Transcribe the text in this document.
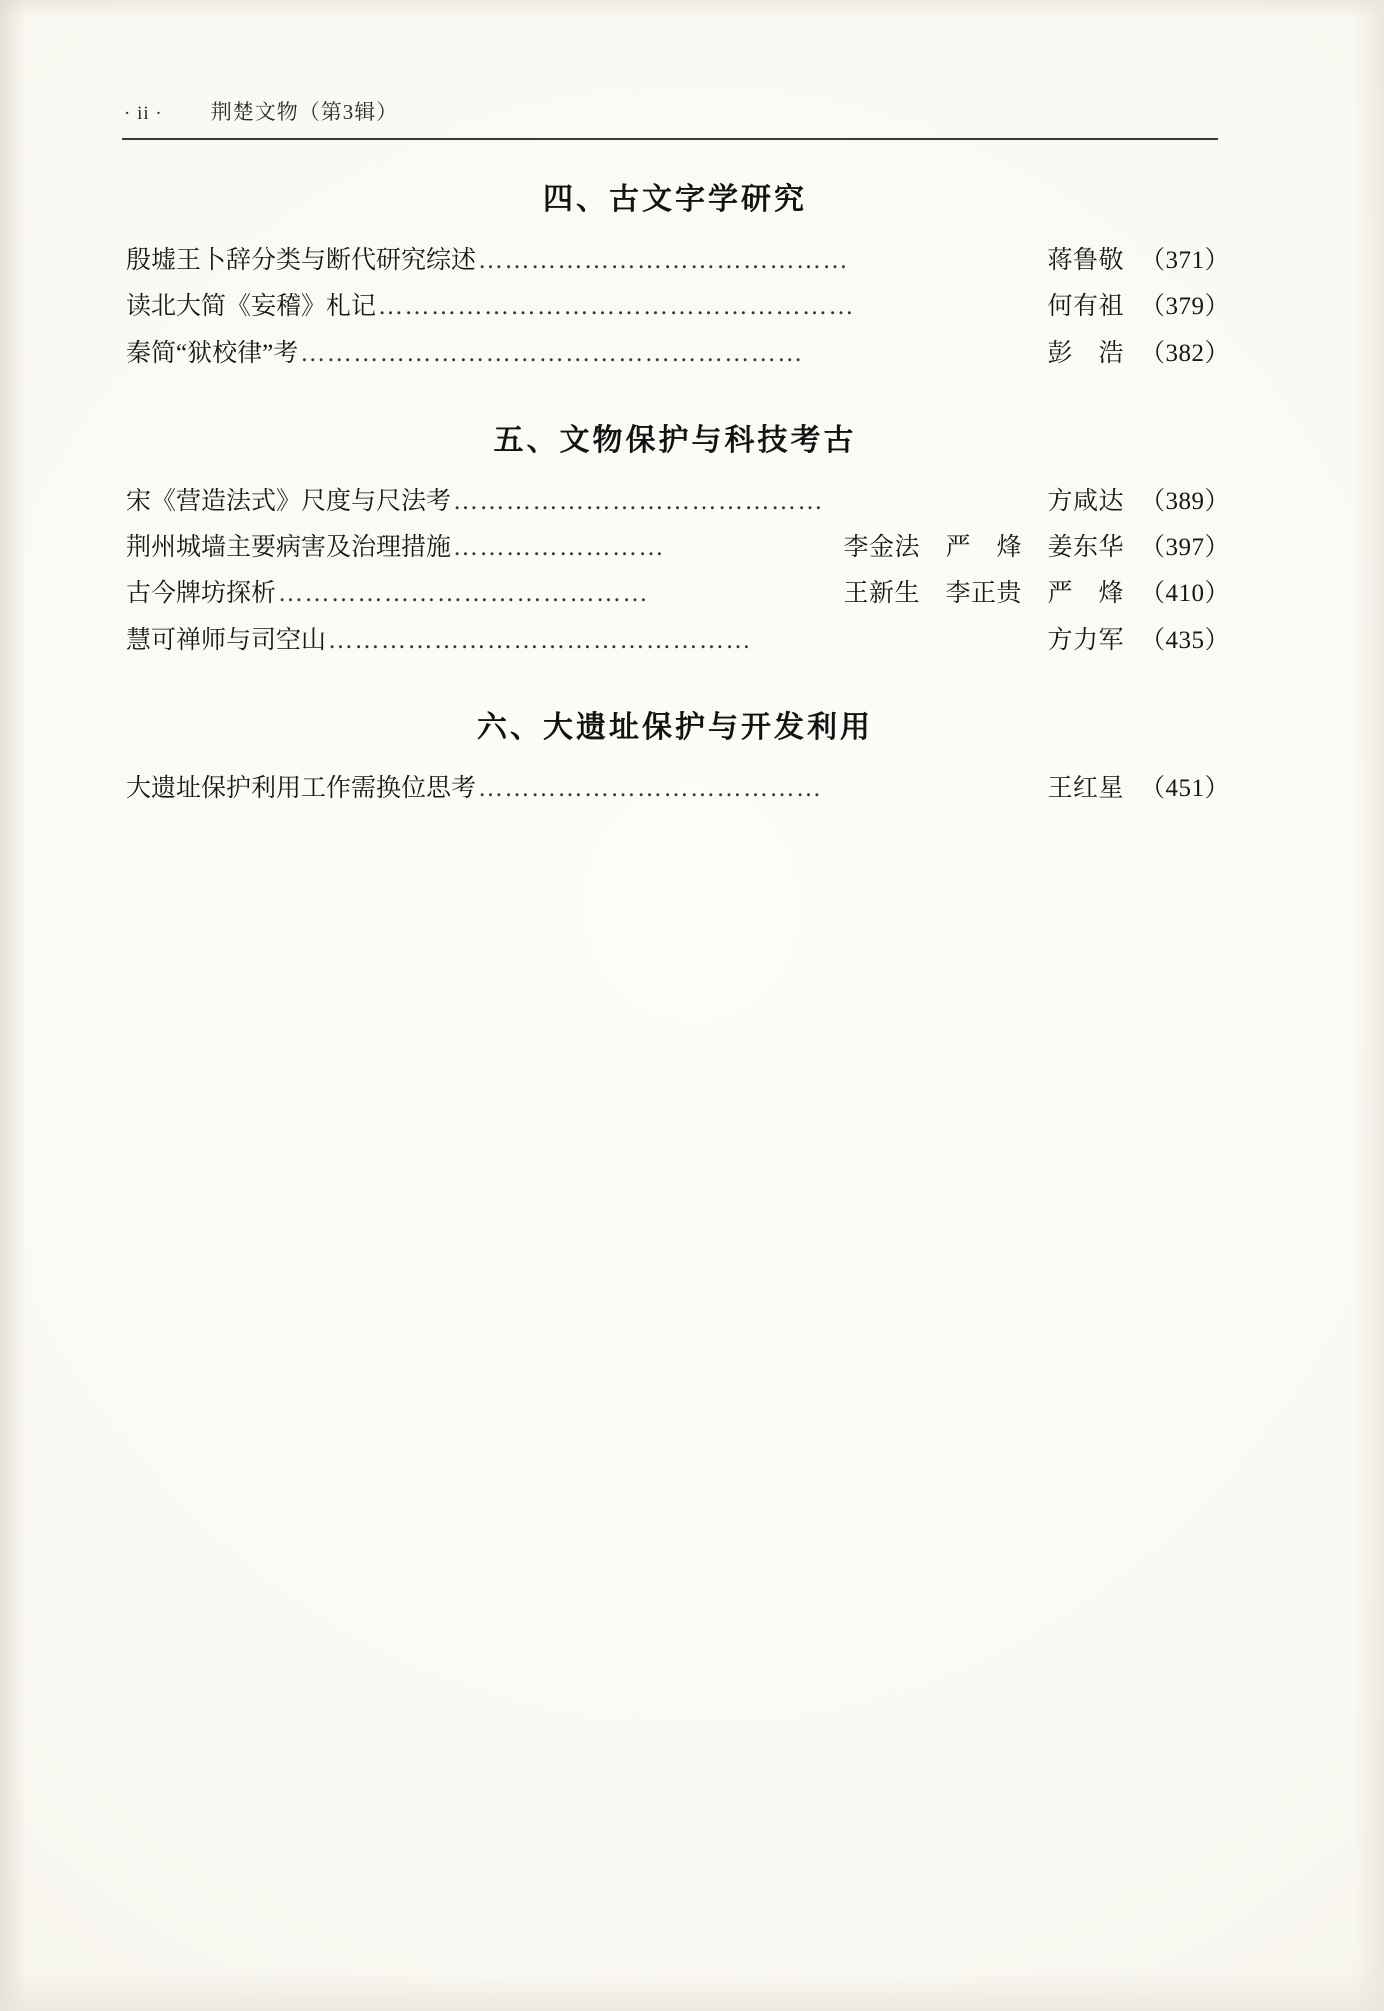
· ii · 荆楚文物（第3辑）
四、古文字学研究
殷墟王卜辞分类与断代研究综述 ……………………………………	蒋鲁敬 （371）
读北大简《妄稽》札记 ………………………………………………	何有祖 （379）
秦简“狱校律”考 …………………………………………………	彭　浩 （382）
五、文物保护与科技考古
宋《营造法式》尺度与尺法考 ……………………………………	方咸达 （389）
荆州城墙主要病害及治理措施 ……………………	李金法　严　烽　姜东华 （397）
古今牌坊探析 ……………………………………	王新生　李正贵　严　烽 （410）
慧可禅师与司空山 …………………………………………	方力军 （435）
六、大遗址保护与开发利用
大遗址保护利用工作需换位思考 …………………………………	王红星 （451）
